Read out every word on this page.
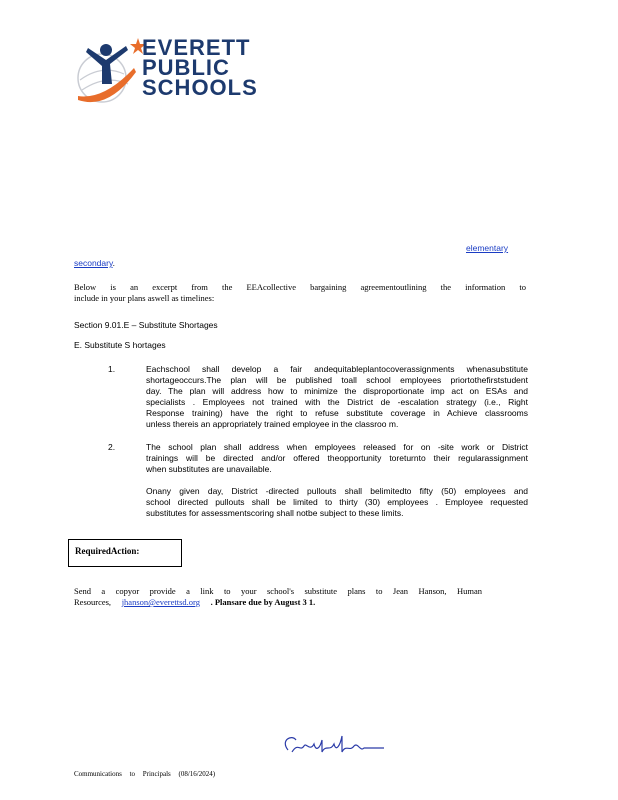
EVERETT
PUBLIC
SCHOOLS
elementary
secondary.
Below is an excerpt from the EEAcollective bargaining agreementoutlining the information to
include in your plans aswell as timelines:
Section 9.01.E – Substitute Shortages
E. Substitute S hortages
1.	Eachschool shall develop a fair andequitableplantocoverassignments whenasubstitute
shortageoccurs.The plan will be published toall school employees priortothefirststudent
day. The plan will address how to minimize the disproportionate imp act on ESAs and
specialists . Employees not trained with the District de -escalation strategy (i.e., Right
Response training) have the right to refuse substitute coverage in Achieve classrooms
unless thereis an appropriately trained employee in the classroo m.
2.	The school plan shall address when employees released for on -site work or District
trainings will be directed and/or offered theopportunity toreturnto their regularassignment
when substitutes are unavailable.
Onany given day, District -directed pullouts shall belimitedto fifty (50) employees and
school directed pullouts shall be limited to thirty (30) employees . Employee requested
substitutes for assessmentscoring shall notbe subject to these limits.
RequiredAction:
Send a copyor provide a link to your school's substitute plans to Jean Hanson, Human
Resources, jhanson@everettsd.org . Plansare due by August 3 1.
Communications to Principals (08/16/2024)
